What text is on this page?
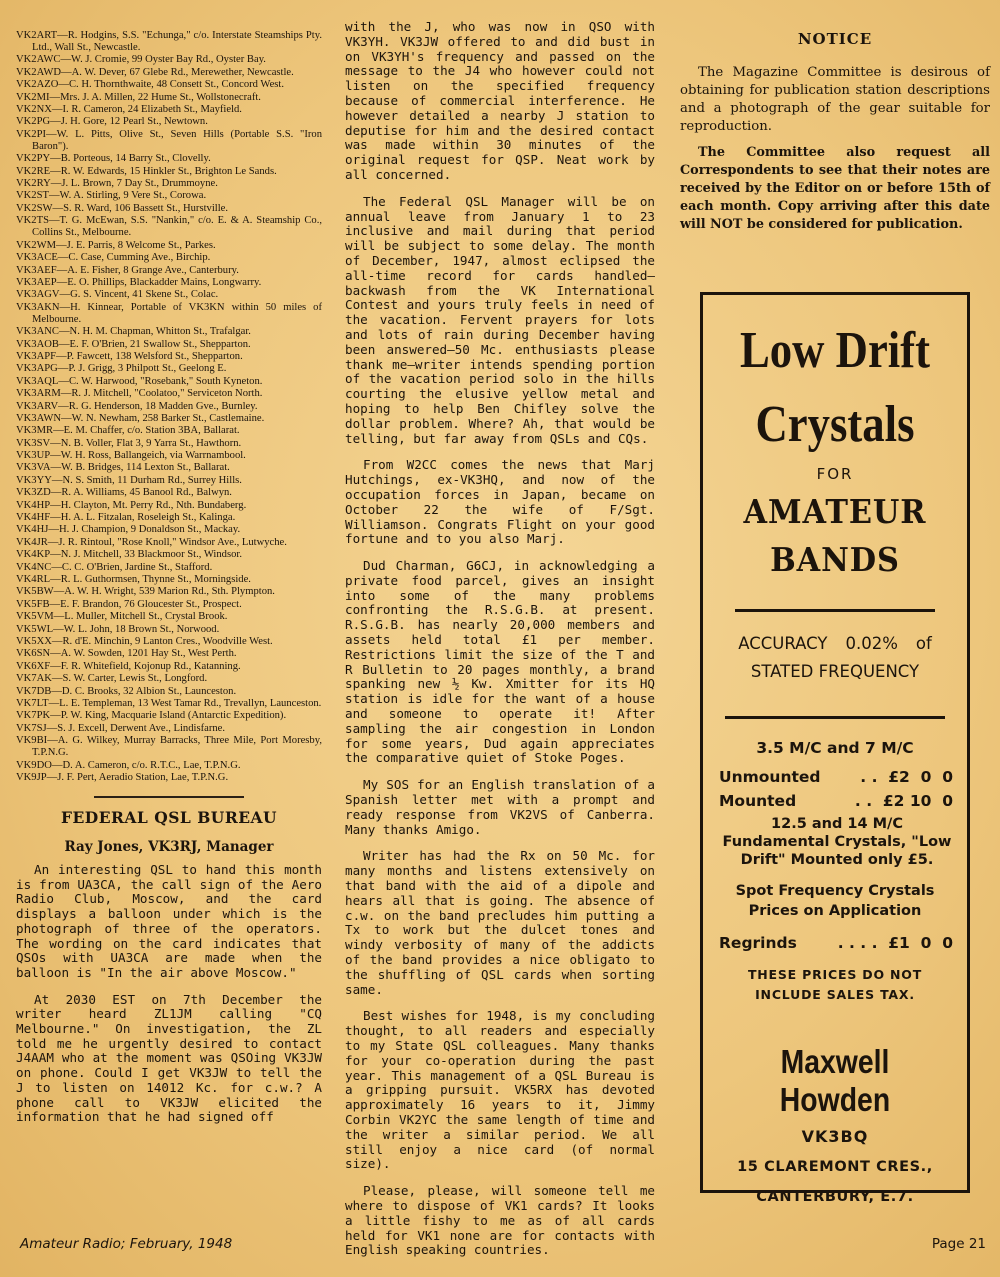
VK2ART—R. Hodgins, S.S. "Echunga," c/o. Interstate Steamships Pty. Ltd., Wall St., Newcastle.
VK2AWC—W. J. Cromie, 99 Oyster Bay Rd., Oyster Bay.
VK2AWD—A. W. Dever, 67 Glebe Rd., Merewether, Newcastle.
VK2AZO—C. H. Thornthwaite, 48 Consett St., Concord West.
VK2MI—Mrs. J. A. Millen, 22 Hume St., Wollstonecraft.
VK2NX—I. R. Cameron, 24 Elizabeth St., Mayfield.
VK2PG—J. H. Gore, 12 Pearl St., Newtown.
VK2PI—W. L. Pitts, Olive St., Seven Hills (Portable S.S. "Iron Baron").
VK2PY—B. Porteous, 14 Barry St., Clovelly.
VK2RE—R. W. Edwards, 15 Hinkler St., Brighton Le Sands.
VK2RY—J. L. Brown, 7 Day St., Drummoyne.
VK2ST—W. A. Stirling, 9 Vere St., Corowa.
VK2SW—S. R. Ward, 106 Bassett St., Hurstville.
VK2TS—T. G. McEwan, S.S. "Nankin," c/o. E. & A. Steamship Co., Collins St., Melbourne.
VK2WM—J. E. Parris, 8 Welcome St., Parkes.
VK3ACE—C. Case, Cumming Ave., Birchip.
VK3AEF—A. E. Fisher, 8 Grange Ave., Canterbury.
VK3AEP—E. O. Phillips, Blackadder Mains, Longwarry.
VK3AGV—G. S. Vincent, 41 Skene St., Colac.
VK3AKN—H. Kinnear, Portable of VK3KN within 50 miles of Melbourne.
VK3ANC—N. H. M. Chapman, Whitton St., Trafalgar.
VK3AOB—E. F. O'Brien, 21 Swallow St., Shepparton.
VK3APF—P. Fawcett, 138 Welsford St., Shepparton.
VK3APG—P. J. Grigg, 3 Philpott St., Geelong E.
VK3AQL—C. W. Harwood, "Rosebank," South Kyneton.
VK3ARM—R. J. Mitchell, "Coolatoo," Serviceton North.
VK3ARV—R. G. Henderson, 18 Madden Gve., Burnley.
VK3AWN—W. N. Newham, 258 Barker St., Castlemaine.
VK3MR—E. M. Chaffer, c/o. Station 3BA, Ballarat.
VK3SV—N. B. Voller, Flat 3, 9 Yarra St., Hawthorn.
VK3UP—W. H. Ross, Ballangeich, via Warrnambool.
VK3VA—W. B. Bridges, 114 Lexton St., Ballarat.
VK3YY—N. S. Smith, 11 Durham Rd., Surrey Hills.
VK3ZD—R. A. Williams, 45 Banool Rd., Balwyn.
VK4HP—H. Clayton, Mt. Perry Rd., Nth. Bundaberg.
VK4HF—H. A. L. Fitzalan, Roseleigh St., Kalinga.
VK4HJ—H. J. Champion, 9 Donaldson St., Mackay.
VK4JR—J. R. Rintoul, "Rose Knoll," Windsor Ave., Lutwyche.
VK4KP—N. J. Mitchell, 33 Blackmoor St., Windsor.
VK4NC—C. C. O'Brien, Jardine St., Stafford.
VK4RL—R. L. Guthormsen, Thynne St., Morningside.
VK5BW—A. W. H. Wright, 539 Marion Rd., Sth. Plympton.
VK5FB—E. F. Brandon, 76 Gloucester St., Prospect.
VK5VM—L. Muller, Mitchell St., Crystal Brook.
VK5WL—W. L. John, 18 Brown St., Norwood.
VK5XX—R. d'E. Minchin, 9 Lanton Cres., Woodville West.
VK6SN—A. W. Sowden, 1201 Hay St., West Perth.
VK6XF—F. R. Whitefield, Kojonup Rd., Katanning.
VK7AK—S. W. Carter, Lewis St., Longford.
VK7DB—D. C. Brooks, 32 Albion St., Launceston.
VK7LT—L. E. Templeman, 13 West Tamar Rd., Trevallyn, Launceston.
VK7PK—P. W. King, Macquarie Island (Antarctic Expedition).
VK7SJ—S. J. Excell, Derwent Ave., Lindisfarne.
VK9BI—A. G. Wilkey, Murray Barracks, Three Mile, Port Moresby, T.P.N.G.
VK9DO—D. A. Cameron, c/o. R.T.C., Lae, T.P.N.G.
VK9JP—J. F. Pert, Aeradio Station, Lae, T.P.N.G.
FEDERAL QSL BUREAU
Ray Jones, VK3RJ, Manager

An interesting QSL to hand this month is from UA3CA, the call sign of the Aero Radio Club, Moscow, and the card displays a balloon under which is the photograph of three of the operators. The wording on the card indicates that QSOs with UA3CA are made when the balloon is "In the air above Moscow."

At 2030 EST on 7th December the writer heard ZL1JM calling "CQ Melbourne." On investigation, the ZL told me he urgently desired to contact J4AAM who at the moment was QSOing VK3JW on phone. Could I get VK3JW to tell the J to listen on 14012 Kc. for c.w.? A phone call to VK3JW elicited the information that he had signed off

with the J, who was now in QSO with VK3YH. VK3JW offered to and did bust in on VK3YH's frequency and passed on the message to the J4 who however could not listen on the specified frequency because of commercial interference. He however detailed a nearby J station to deputise for him and the desired contact was made within 30 minutes of the original request for QSP. Neat work by all concerned.

The Federal QSL Manager will be on annual leave from January 1 to 23 inclusive and mail during that period will be subject to some delay. The month of December, 1947, almost eclipsed the all-time record for cards handled—backwash from the VK International Contest and yours truly feels in need of the vacation. Fervent prayers for lots and lots of rain during December having been answered—50 Mc. enthusiasts please thank me—writer intends spending portion of the vacation period solo in the hills courting the elusive yellow metal and hoping to help Ben Chifley solve the dollar problem. Where? Ah, that would be telling, but far away from QSLs and CQs.

From W2CC comes the news that Marj Hutchings, ex-VK3HQ, and now of the occupation forces in Japan, became on October 22 the wife of F/Sgt. Williamson. Congrats Flight on your good fortune and to you also Marj.

Dud Charman, G6CJ, in acknowledging a private food parcel, gives an insight into some of the many problems confronting the R.S.G.B. at present. R.S.G.B. has nearly 20,000 members and assets held total £1 per member. Restrictions limit the size of the T and R Bulletin to 20 pages monthly, a brand spanking new ½ Kw. Xmitter for its HQ station is idle for the want of a house and someone to operate it! After sampling the air congestion in London for some years, Dud again appreciates the comparative quiet of Stoke Poges.

My SOS for an English translation of a Spanish letter met with a prompt and ready response from VK2VS of Canberra. Many thanks Amigo.

Writer has had the Rx on 50 Mc. for many months and listens extensively on that band with the aid of a dipole and hears all that is going. The absence of c.w. on the band precludes him putting a Tx to work but the dulcet tones and windy verbosity of many of the addicts of the band provides a nice obligato to the shuffling of QSL cards when sorting same.

Best wishes for 1948, is my concluding thought, to all readers and especially to my State QSL colleagues. Many thanks for your co-operation during the past year. This management of a QSL Bureau is a gripping pursuit. VK5RX has devoted approximately 16 years to it, Jimmy Corbin VK2YC the same length of time and the writer a similar period. We all still enjoy a nice card (of normal size).

Please, please, will someone tell me where to dispose of VK1 cards? It looks a little fishy to me as of all cards held for VK1 none are for contacts with English speaking countries.

NOTICE

The Magazine Committee is desirous of obtaining for publication station descriptions and a photograph of the gear suitable for reproduction.

The Committee also request all Correspondents to see that their notes are received by the Editor on or before 15th of each month. Copy arriving after this date will NOT be considered for publication.

Low Drift
Crystals
FOR
AMATEUR
BANDS
ACCURACY 0.02% of
STATED FREQUENCY
3.5 M/C and 7 M/C
Unmounted	. .  £2  0  0
Mounted	. .  £2 10  0
12.5 and 14 M/C Fundamental Crystals, "Low Drift" Mounted only £5.
Spot Frequency Crystals
Prices on Application
Regrinds	. . . .  £1  0  0
THESE PRICES DO NOT
INCLUDE SALES TAX.
Maxwell Howden
VK3BQ
15 CLAREMONT CRES.,
CANTERBURY, E.7.
Amateur Radio; February, 1948	Page 21
